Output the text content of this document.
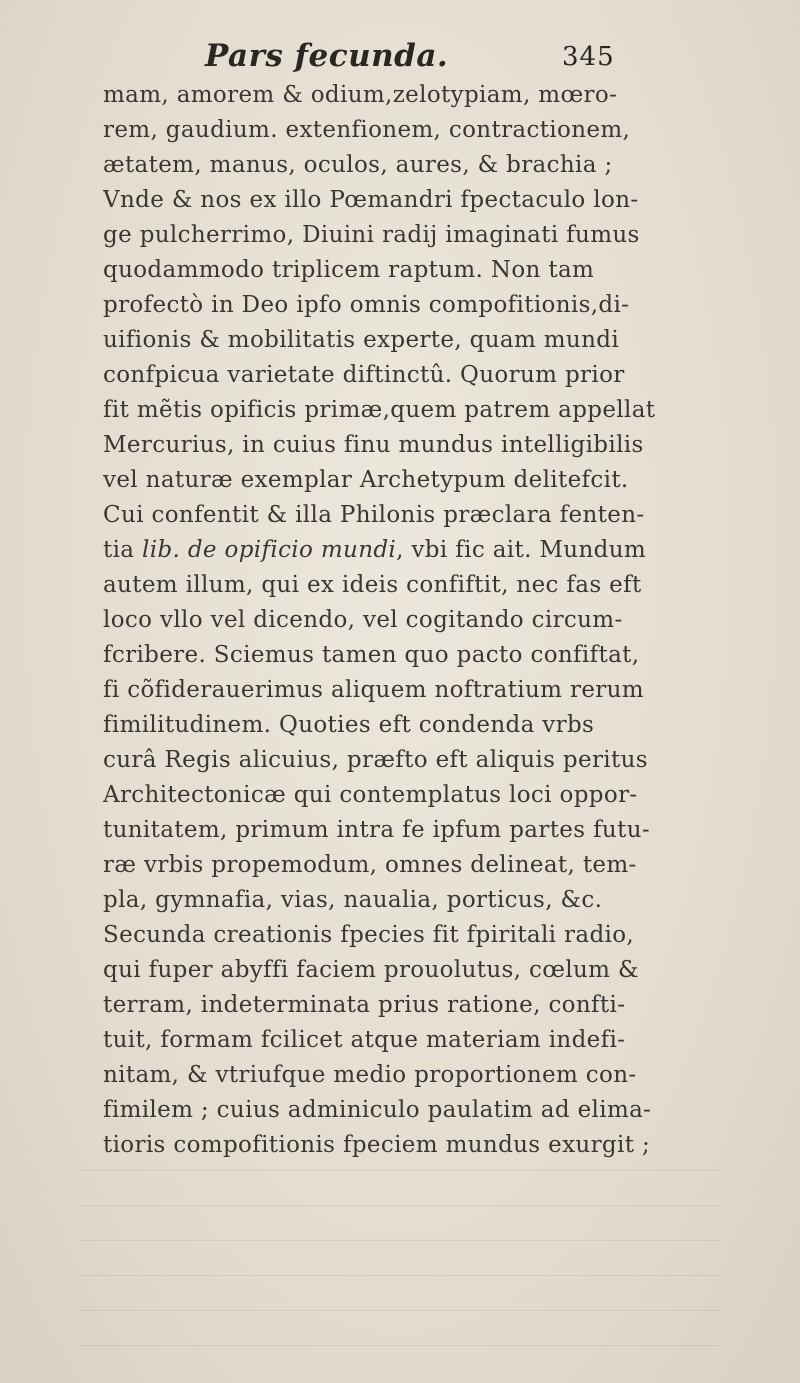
Pars fecunda.	345
mam, amorem & odium,zelotypiam, mœro-
rem, gaudium. extenfionem, contractionem,
ætatem, manus, oculos, aures, & brachia ;
Vnde & nos ex illo Pœmandri fpectaculo lon-
ge pulcherrimo, Diuini radij imaginati fumus
quodammodo triplicem raptum. Non tam
profectò in Deo ipfo omnis compofitionis,di-
uifionis & mobilitatis experte, quam mundi
confpicua varietate diftinctû. Quorum prior
fit mẽtis opificis primæ,quem patrem appellat
Mercurius, in cuius finu mundus intelligibilis
vel naturæ exemplar Archetypum delitefcit.
Cui confentit & illa Philonis præclara fenten-
tia lib. de opificio mundi, vbi fic ait. Mundum
autem illum, qui ex ideis confiftit, nec fas eft
loco vllo vel dicendo, vel cogitando circum-
fcribere. Sciemus tamen quo pacto confiftat,
fi cõfiderauerimus aliquem noftratium rerum
fimilitudinem. Quoties eft condenda vrbs
curâ Regis alicuius, præfto eft aliquis peritus
Architectonicæ qui contemplatus loci oppor-
tunitatem, primum intra fe ipfum partes futu-
ræ vrbis propemodum, omnes delineat, tem-
pla, gymnafia, vias, naualia, porticus, &c.
Secunda creationis fpecies fit fpiritali radio,
qui fuper abyffi faciem prouolutus, cœlum &
terram, indeterminata prius ratione, confti-
tuit, formam fcilicet atque materiam indefi-
nitam, & vtriufque medio proportionem con-
fimilem ; cuius adminiculo paulatim ad elima-
tioris compofitionis fpeciem mundus exurgit ;
